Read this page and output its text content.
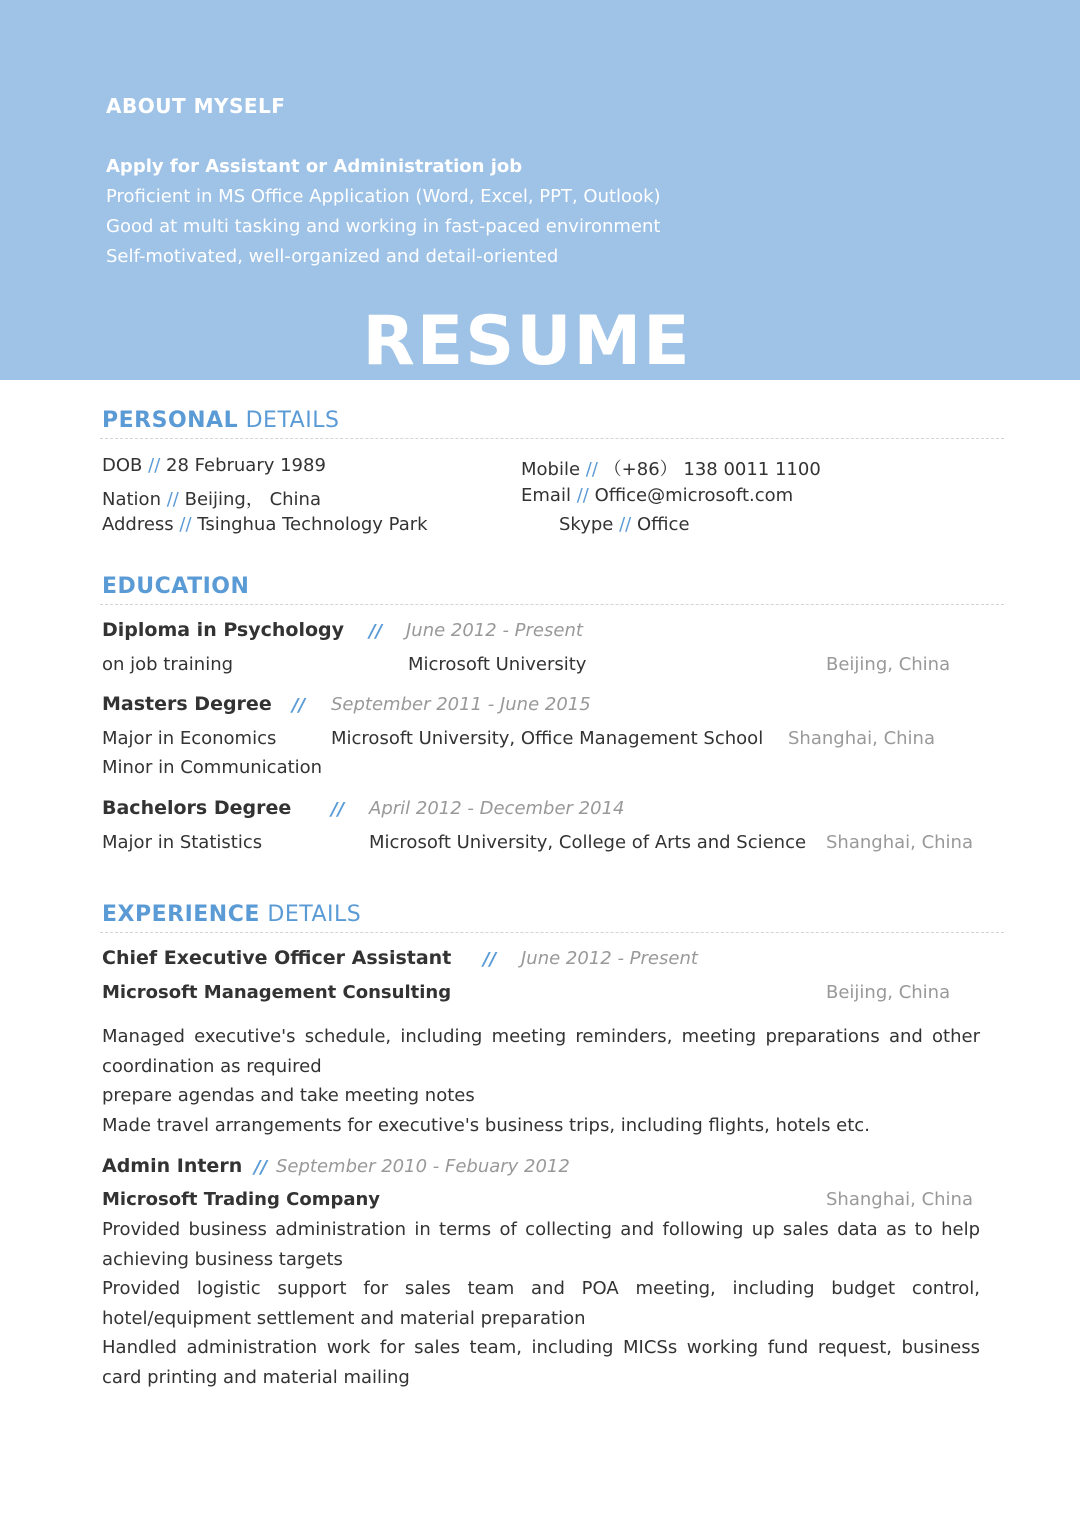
ABOUT MYSELF
Apply for Assistant or Administration job
Proficient in MS Office Application (Word, Excel, PPT, Outlook)
Good at multi tasking and working in fast-paced environment
Self-motivated, well-organized and detail-oriented
RESUME
PERSONAL DETAILS
DOB // 28 February 1989
Nation // Beijing， China
Address // Tsinghua Technology Park
Mobile // （+86） 138 0011 1100
Email // Office@microsoft.com
Skype // Office
EDUCATION
Diploma in Psychology // June 2012 - Present
on job training	Microsoft University	Beijing, China
Masters Degree // September 2011 - June 2015
Major in Economics	Microsoft University, Office Management School Shanghai, China
Minor in Communication
Bachelors Degree // April 2012 - December 2014
Major in Statistics	Microsoft University, College of Arts and Science Shanghai, China
EXPERIENCE DETAILS
Chief Executive Officer Assistant // June 2012 - Present
Microsoft Management Consulting	Beijing, China

Managed executive's schedule, including meeting reminders, meeting preparations and other coordination as required

prepare agendas and take meeting notes

Made travel arrangements for executive's business trips, including flights, hotels etc.

Admin Intern // September 2010 - Febuary 2012
Microsoft Trading Company	Shanghai, China

Provided business administration in terms of collecting and following up sales data as to help achieving business targets

Provided logistic support for sales team and POA meeting, including budget control, hotel/equipment settlement and material preparation

Handled administration work for sales team, including MICSs working fund request, business card printing and material mailing
